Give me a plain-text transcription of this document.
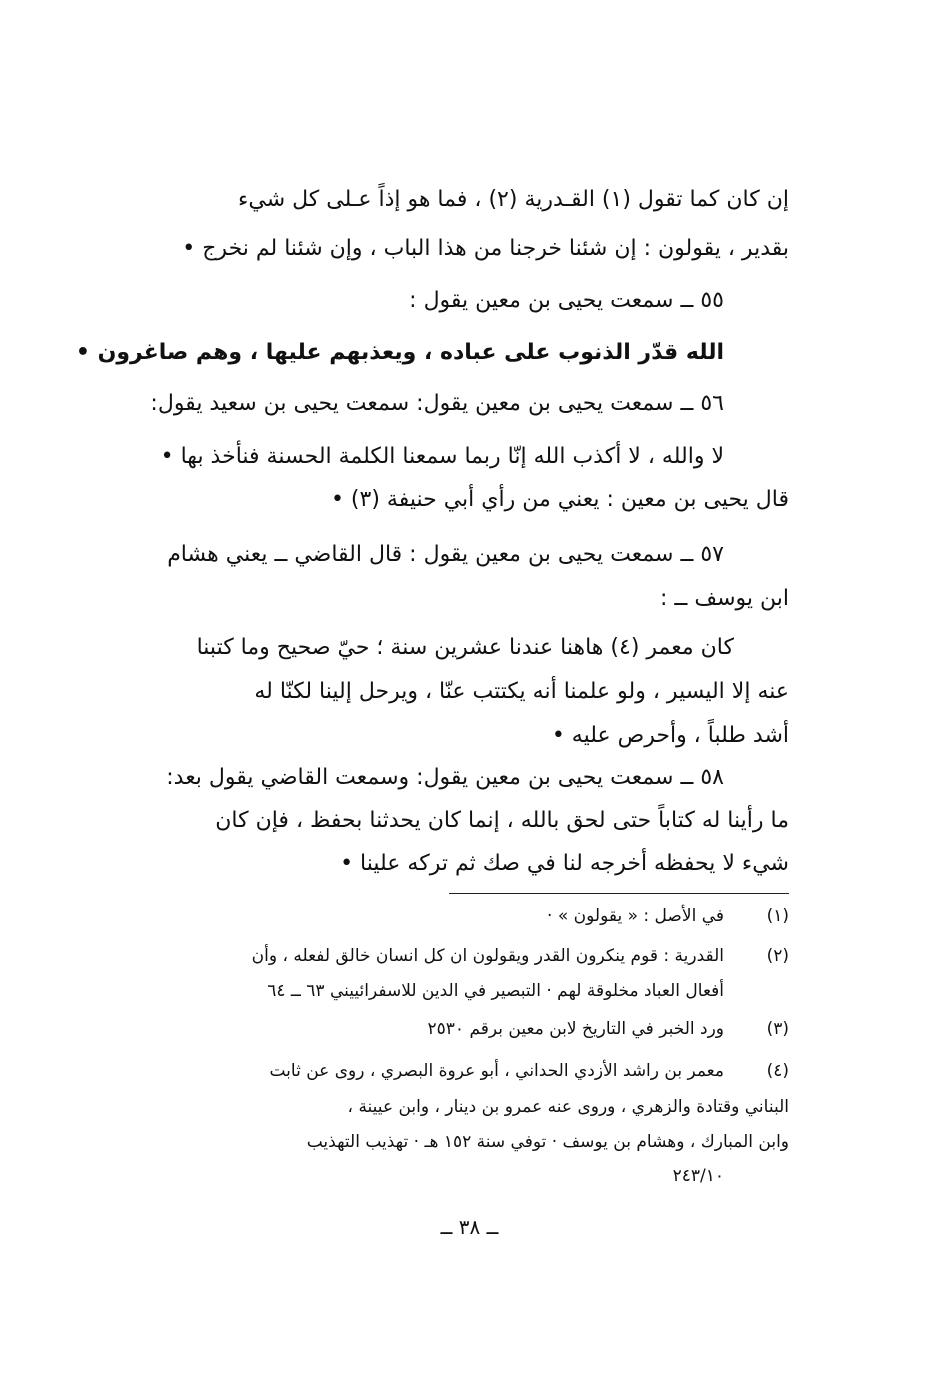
إن كان كما تقول (١) القـدرية (٢) ، فما هو إذاً عـلى كل شيء
بقدير ، يقولون : إن شئنا خرجنا من هذا الباب ، وإن شئنا لم نخرج •
٥٥ ــ سمعت يحيى بن معين يقول :
الله قدّر الذنوب على عباده ، ويعذبهم عليها ، وهم صاغرون •
٥٦ ــ سمعت يحيى بن معين يقول: سمعت يحيى بن سعيد يقول:
لا والله ، لا أكذب الله إنّا ربما سمعنا الكلمة الحسنة فنأخذ بها •
قال يحيى بن معين : يعني من رأي أبي حنيفة (٣) •
٥٧ ــ سمعت يحيى بن معين يقول : قال القاضي ــ يعني هشام
ابن يوسف ــ :
كان معمر (٤) هاهنا عندنا عشرين سنة ؛ حيّ صحيح وما كتبنا
عنه إلا اليسير ، ولو علمنا أنه يكتتب عنّا ، ويرحل إلينا لكنّا له
أشد طلباً ، وأحرص عليه •
٥٨ ــ سمعت يحيى بن معين يقول: وسمعت القاضي يقول بعد:
ما رأينا له كتاباً حتى لحق بالله ، إنما كان يحدثنا بحفظ ، فإن كان
شيء لا يحفظه أخرجه لنا في صك ثم تركه علينا •
(١)
في الأصل : « يقولون » ·
(٢)
القدرية : قوم ينكرون القدر ويقولون ان كل انسان خالق لفعله ، وأن
أفعال العباد مخلوقة لهم · التبصير في الدين للاسفرائييني ٦٣ ــ ٦٤
(٣)
ورد الخبر في التاريخ لابن معين برقم ٢٥٣٠
(٤)
معمر بن راشد الأزدي الحداني ، أبو عروة البصري ، روى عن ثابت
البناني وقتادة والزهري ، وروى عنه عمرو بن دينار ، وابن عيينة ،
وابن المبارك ، وهشام بن يوسف · توفي سنة ١٥٢ هـ · تهذيب التهذيب
٢٤٣/١٠
ــ ٣٨ ــ
